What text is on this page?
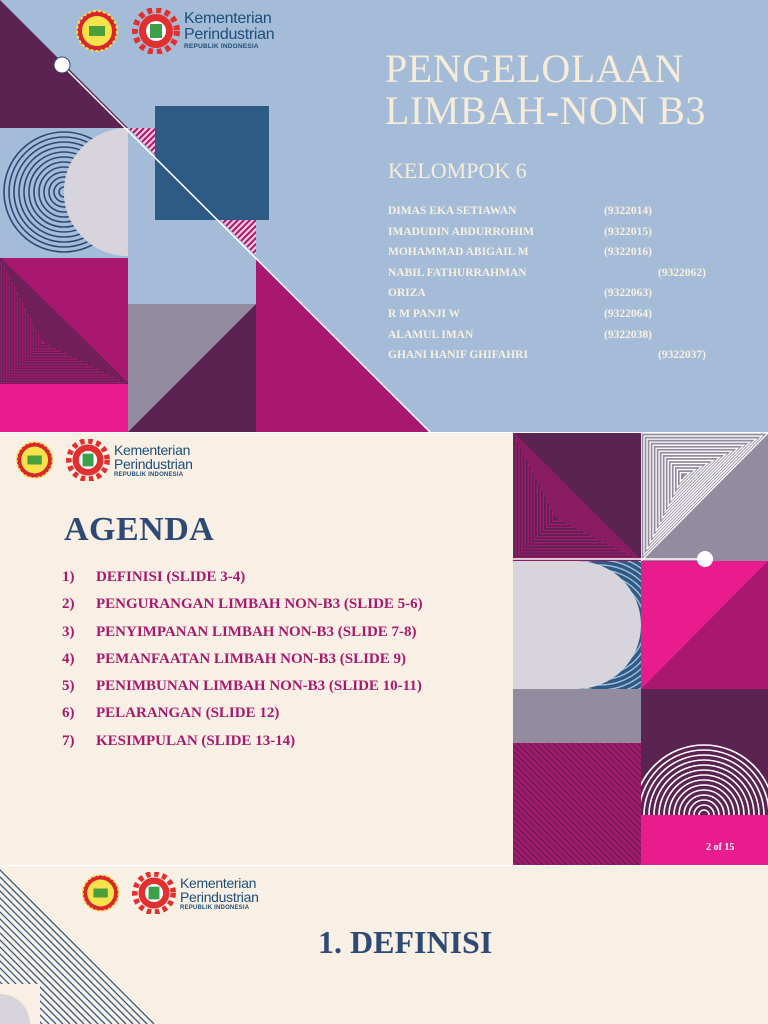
Kementerian
Perindustrian
REPUBLIK INDONESIA	PENGELOLAAN
LIMBAH-NON B3
KELOMPOK 6
DIMAS EKA SETIAWAN	(9322014)
IMADUDIN ABDURROHIM	(9322015)
MOHAMMAD ABIGAIL M	(9322016)
NABIL FATHURRAHMAN	(9322062)
ORIZA	(9322063)
R M PANJI W	(9322064)
ALAMUL IMAN	(9322038)
GHANI HANIF GHIFAHRI	(9322037)
Kementerian
Perindustrian
REPUBLIK INDONESIA
AGENDA
1)	DEFINISI (SLIDE 3-4)
2)	PENGURANGAN LIMBAH NON-B3 (SLIDE 5-6)
3)	PENYIMPANAN LIMBAH NON-B3 (SLIDE 7-8)
4)	PEMANFAATAN LIMBAH NON-B3 (SLIDE 9)
5)	PENIMBUNAN LIMBAH NON-B3 (SLIDE 10-11)
6)	PELARANGAN (SLIDE 12)
7)	KESIMPULAN (SLIDE 13-14)
2 of 15
Kementerian
Perindustrian
REPUBLIK INDONESIA
1. DEFINISI
